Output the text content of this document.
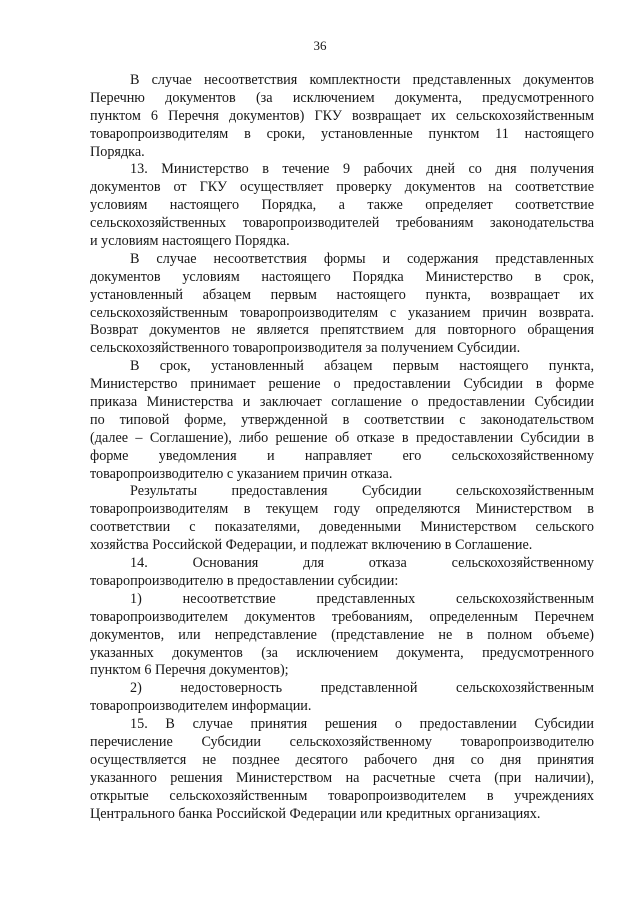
36
В случае несоответствия комплектности представленных документов
Перечню документов (за исключением документа, предусмотренного
пунктом 6 Перечня документов) ГКУ возвращает их сельскохозяйственным
товаропроизводителям в сроки, установленные пунктом 11 настоящего
Порядка.
13. Министерство в течение 9 рабочих дней со дня получения
документов от ГКУ осуществляет проверку документов на соответствие
условиям настоящего Порядка, а также определяет соответствие
сельскохозяйственных товаропроизводителей требованиям законодательства
и условиям настоящего Порядка.
В случае несоответствия формы и содержания представленных
документов условиям настоящего Порядка Министерство в срок,
установленный абзацем первым настоящего пункта, возвращает их
сельскохозяйственным товаропроизводителям с указанием причин возврата.
Возврат документов не является препятствием для повторного обращения
сельскохозяйственного товаропроизводителя за получением Субсидии.
В срок, установленный абзацем первым настоящего пункта,
Министерство принимает решение о предоставлении Субсидии в форме
приказа Министерства и заключает соглашение о предоставлении Субсидии
по типовой форме, утвержденной в соответствии с законодательством
(далее – Соглашение), либо решение об отказе в предоставлении Субсидии в
форме уведомления и направляет его сельскохозяйственному
товаропроизводителю с указанием причин отказа.
Результаты предоставления Субсидии сельскохозяйственным
товаропроизводителям в текущем году определяются Министерством в
соответствии с показателями, доведенными Министерством сельского
хозяйства Российской Федерации, и подлежат включению в Соглашение.
14. Основания для отказа сельскохозяйственному
товаропроизводителю в предоставлении субсидии:
1) несоответствие представленных сельскохозяйственным
товаропроизводителем документов требованиям, определенным Перечнем
документов, или непредставление (представление не в полном объеме)
указанных документов (за исключением документа, предусмотренного
пунктом 6 Перечня документов);
2) недостоверность представленной сельскохозяйственным
товаропроизводителем информации.
15. В случае принятия решения о предоставлении Субсидии
перечисление Субсидии сельскохозяйственному товаропроизводителю
осуществляется не позднее десятого рабочего дня со дня принятия
указанного решения Министерством на расчетные счета (при наличии),
открытые сельскохозяйственным товаропроизводителем в учреждениях
Центрального банка Российской Федерации или кредитных организациях.
